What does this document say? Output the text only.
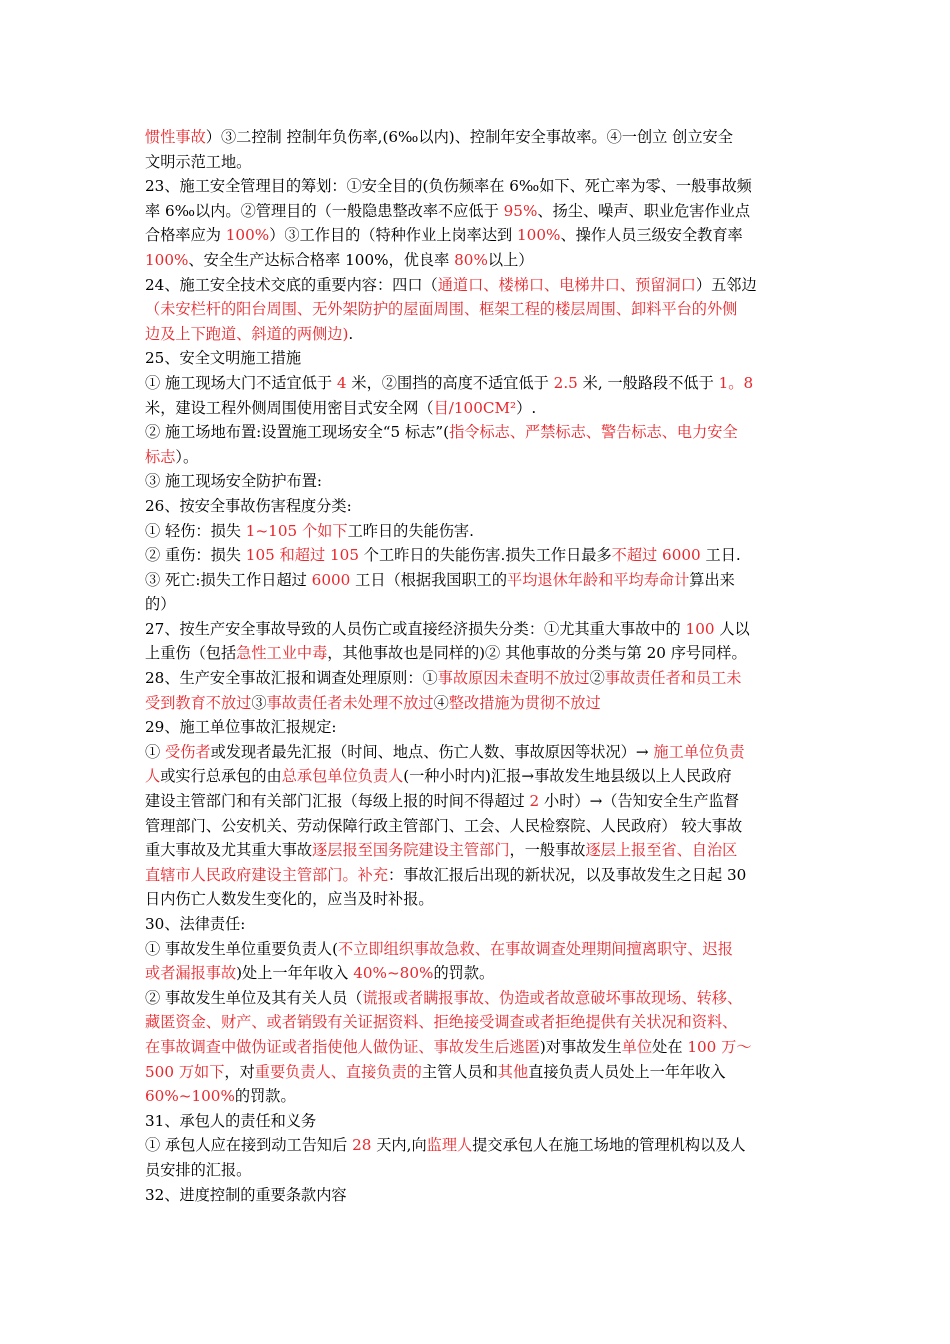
惯性事故）③二控制 控制年负伤率,(6‰以内)、控制年安全事故率。④一创立 创立安全
文明示范工地。
23、施工安全管理目的筹划：①安全目的(负伤频率在 6‰如下、死亡率为零、一般事故频
率 6‰以内。②管理目的（一般隐患整改率不应低于 95%、扬尘、噪声、职业危害作业点
合格率应为 100%）③工作目的（特种作业上岗率达到 100%、操作人员三级安全教育率
100%、安全生产达标合格率 100%，优良率 80%以上）
24、施工安全技术交底的重要内容：四口（通道口、楼梯口、电梯井口、预留洞口）五邻边
（未安栏杆的阳台周围、无外架防护的屋面周围、框架工程的楼层周围、卸料平台的外侧
边及上下跑道、斜道的两侧边).
25、安全文明施工措施
① 施工现场大门不适宜低于 4 米，②围挡的高度不适宜低于 2.5 米, 一般路段不低于 1。8
米，建设工程外侧周围使用密目式安全网（目/100CM²）.
② 施工场地布置:设置施工现场安全“5 标志”(指令标志、严禁标志、警告标志、电力安全
标志）。
③ 施工现场安全防护布置:
26、按安全事故伤害程度分类:
① 轻伤：损失 1~105 个如下工昨日的失能伤害.
② 重伤：损失 105 和超过 105 个工昨日的失能伤害.损失工作日最多不超过 6000 工日.
③ 死亡:损失工作日超过 6000 工日（根据我国职工的平均退休年龄和平均寿命计算出来
的）
27、按生产安全事故导致的人员伤亡或直接经济损失分类：①尤其重大事故中的 100 人以
上重伤（包括急性工业中毒，其他事故也是同样的)② 其他事故的分类与第 20 序号同样。
28、生产安全事故汇报和调查处理原则：①事故原因未查明不放过②事故责任者和员工未
受到教育不放过③事故责任者未处理不放过④整改措施为贯彻不放过
29、施工单位事故汇报规定:
① 受伤者或发现者最先汇报（时间、地点、伤亡人数、事故原因等状况）→ 施工单位负责
人或实行总承包的由总承包单位负责人(一种小时内)汇报→事故发生地县级以上人民政府
建设主管部门和有关部门汇报（每级上报的时间不得超过 2 小时）→（告知安全生产监督
管理部门、公安机关、劳动保障行政主管部门、工会、人民检察院、人民政府） 较大事故
重大事故及尤其重大事故逐层报至国务院建设主管部门，一般事故逐层上报至省、自治区
直辖市人民政府建设主管部门。补充：事故汇报后出现的新状况，以及事故发生之日起 30
日内伤亡人数发生变化的，应当及时补报。
30、法律责任:
① 事故发生单位重要负责人(不立即组织事故急救、在事故调查处理期间擅离职守、迟报
或者漏报事故)处上一年年收入 40%~80%的罚款。
② 事故发生单位及其有关人员（谎报或者瞒报事故、伪造或者故意破坏事故现场、转移、
藏匿资金、财产、或者销毁有关证据资料、拒绝接受调查或者拒绝提供有关状况和资料、
在事故调查中做伪证或者指使他人做伪证、事故发生后逃匿)对事故发生单位处在 100 万～
500 万如下，对重要负责人、直接负责的主管人员和其他直接负责人员处上一年年收入
60%~100%的罚款。
31、承包人的责任和义务
① 承包人应在接到动工告知后 28 天内,向监理人提交承包人在施工场地的管理机构以及人
员安排的汇报。
32、进度控制的重要条款内容
